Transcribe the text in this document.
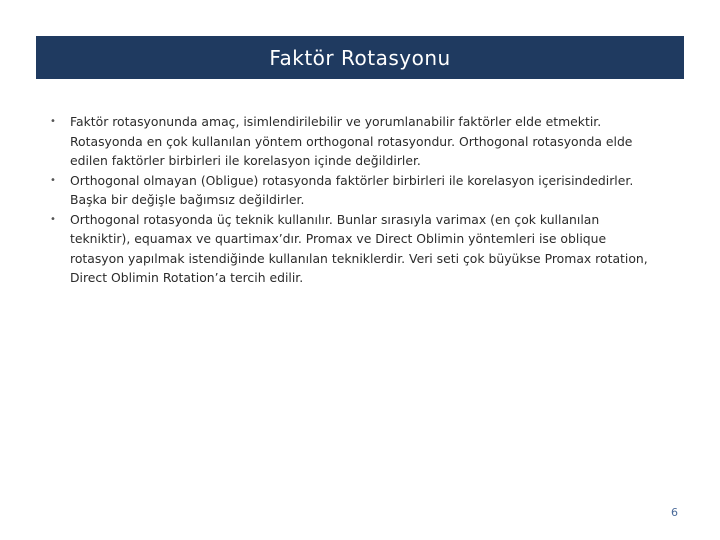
Faktör Rotasyonu
• Faktör rotasyonunda amaç, isimlendirilebilir ve yorumlanabilir faktörler elde etmektir. Rotasyonda en çok kullanılan yöntem orthogonal rotasyondur. Orthogonal rotasyonda elde edilen faktörler birbirleri ile korelasyon içinde değildirler.
• Orthogonal olmayan (Obligue) rotasyonda faktörler birbirleri ile korelasyon içerisindedirler. Başka bir değişle bağımsız değildirler.
• Orthogonal rotasyonda üç teknik kullanılır. Bunlar sırasıyla varimax (en çok kullanılan tekniktir), equamax ve quartimax’dır. Promax ve Direct Oblimin yöntemleri ise oblique rotasyon yapılmak istendiğinde kullanılan tekniklerdir. Veri seti çok büyükse Promax rotation, Direct Oblimin Rotation’a tercih edilir.
6
